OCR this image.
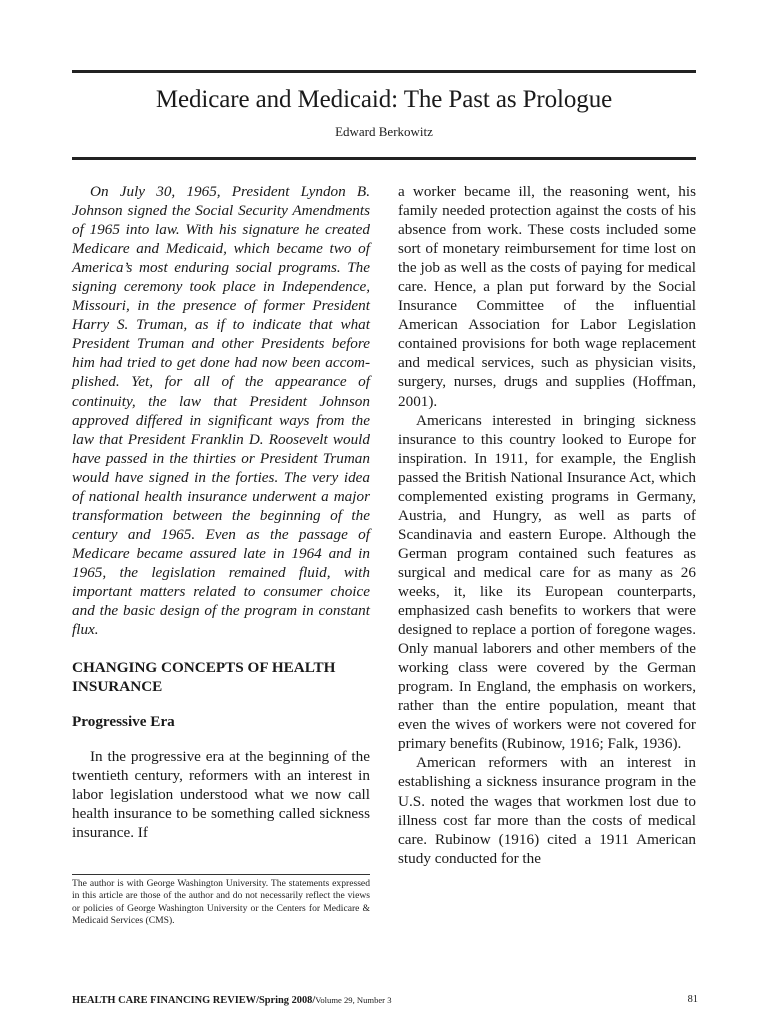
Medicare and Medicaid: The Past as Prologue
Edward Berkowitz

On July 30, 1965, President Lyndon B. Johnson signed the Social Security Amendments of 1965 into law. With his signature he created Medicare and Medicaid, which became two of America’s most enduring social programs. The signing ceremony took place in Independence, Missouri, in the presence of former President Harry S. Truman, as if to indicate that what President Truman and other Presidents before him had tried to get done had now been accomplished. Yet, for all of the appearance of continuity, the law that President Johnson approved differed in significant ways from the law that President Franklin D. Roosevelt would have passed in the thirties or President Truman would have signed in the forties. The very idea of national health insurance underwent a major transformation between the beginning of the century and 1965. Even as the passage of Medicare became assured late in 1964 and in 1965, the legislation remained fluid, with important matters related to consumer choice and the basic design of the program in constant flux.

CHANGING CONCEPTS OF HEALTH INSURANCE

Progressive Era

In the progressive era at the beginning of the twentieth century, reformers with an interest in labor legislation understood what we now call health insurance to be something called sickness insurance. If

a worker became ill, the reasoning went, his family needed protection against the costs of his absence from work. These costs included some sort of monetary reimbursement for time lost on the job as well as the costs of paying for medical care. Hence, a plan put forward by the Social Insurance Committee of the influential American Association for Labor Legislation contained provisions for both wage replacement and medical services, such as physician visits, surgery, nurses, drugs and supplies (Hoffman, 2001).

Americans interested in bringing sickness insurance to this country looked to Europe for inspiration. In 1911, for example, the English passed the British National Insurance Act, which complemented existing programs in Germany, Austria, and Hungry, as well as parts of Scandinavia and eastern Europe. Although the German program contained such features as surgical and medical care for as many as 26 weeks, it, like its European counterparts, emphasized cash benefits to workers that were designed to replace a portion of foregone wages. Only manual laborers and other members of the working class were covered by the German program. In England, the emphasis on workers, rather than the entire population, meant that even the wives of workers were not covered for primary benefits (Rubinow, 1916; Falk, 1936).

American reformers with an interest in establishing a sickness insurance program in the U.S. noted the wages that workmen lost due to illness cost far more than the costs of medical care. Rubinow (1916) cited a 1911 American study conducted for the

The author is with George Washington University. The statements expressed in this article are those of the author and do not necessarily reflect the views or policies of George Washington University or the Centers for Medicare & Medicaid Services (CMS).
HEALTH CARE FINANCING REVIEW/Spring 2008/Volume 29, Number 3	81
